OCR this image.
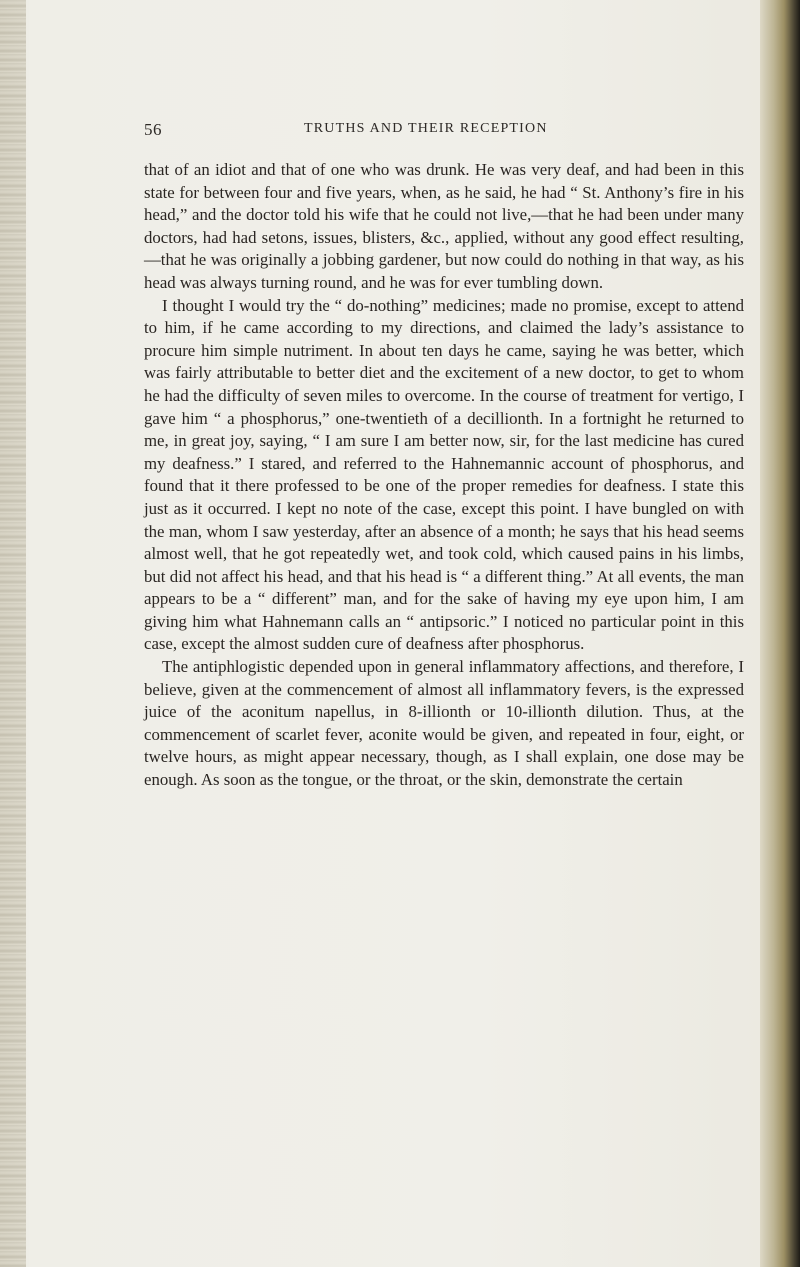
56	TRUTHS AND THEIR RECEPTION

that of an idiot and that of one who was drunk. He was very deaf, and had been in this state for between four and five years, when, as he said, he had “ St. Anthony’s fire in his head,” and the doctor told his wife that he could not live,—that he had been under many doctors, had had setons, issues, blisters, &c., applied, without any good effect resulting,—that he was originally a jobbing gardener, but now could do nothing in that way, as his head was always turning round, and he was for ever tumbling down.

I thought I would try the “ do-nothing” medicines; made no promise, except to attend to him, if he came according to my directions, and claimed the lady’s assistance to procure him simple nutriment. In about ten days he came, saying he was better, which was fairly attributable to better diet and the excitement of a new doctor, to get to whom he had the difficulty of seven miles to overcome. In the course of treatment for vertigo, I gave him “ a phosphorus,” one-twentieth of a decillionth. In a fortnight he returned to me, in great joy, saying, “ I am sure I am better now, sir, for the last medicine has cured my deafness.” I stared, and referred to the Hahnemannic account of phosphorus, and found that it there professed to be one of the proper remedies for deafness. I state this just as it occurred. I kept no note of the case, except this point. I have bungled on with the man, whom I saw yesterday, after an absence of a month; he says that his head seems almost well, that he got repeatedly wet, and took cold, which caused pains in his limbs, but did not affect his head, and that his head is “ a different thing.” At all events, the man appears to be a “ different” man, and for the sake of having my eye upon him, I am giving him what Hahnemann calls an “ antipsoric.” I noticed no particular point in this case, except the almost sudden cure of deafness after phosphorus.

The antiphlogistic depended upon in general inflammatory affections, and therefore, I believe, given at the commencement of almost all inflammatory fevers, is the expressed juice of the aconitum napellus, in 8-illionth or 10-illionth dilution. Thus, at the commencement of scarlet fever, aconite would be given, and repeated in four, eight, or twelve hours, as might appear necessary, though, as I shall explain, one dose may be enough. As soon as the tongue, or the throat, or the skin, demonstrate the certain
